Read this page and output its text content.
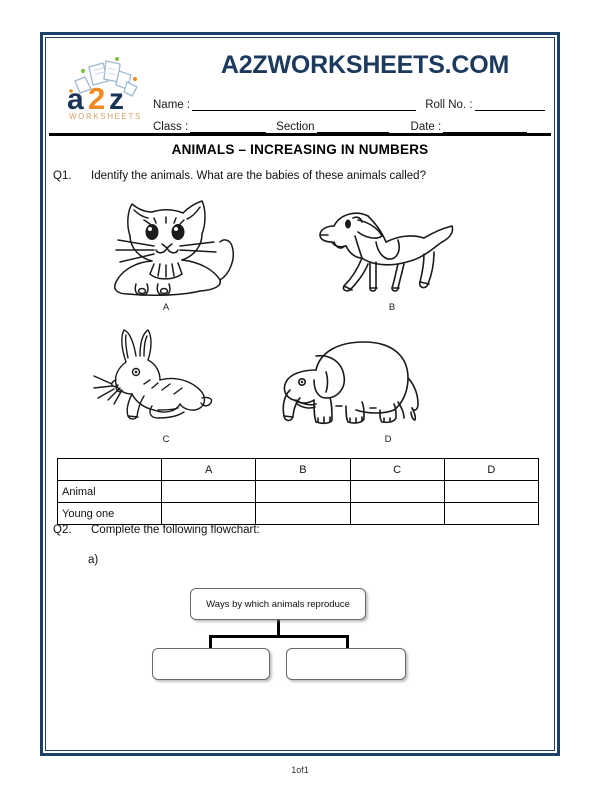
a 2 z
WORKSHEETS
A2ZWORKSHEETS.COM
Name :	Roll No. :
Class :	Section	Date :
ANIMALS – INCREASING IN NUMBERS
Q1. Identify the animals. What are the babies of these animals called?
A	B
C	D
	A	B	C	D
Animal				
Young one				
Q2. Complete the following flowchart:
a)
Ways by which animals reproduce
1of1
